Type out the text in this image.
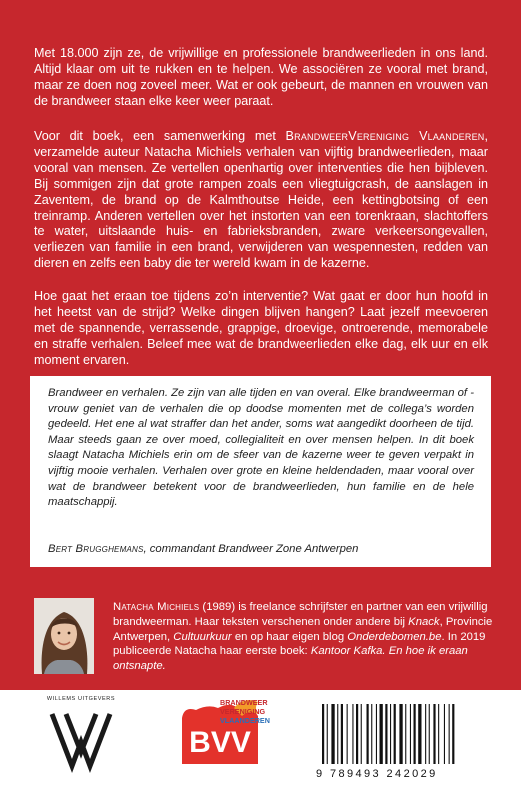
Met 18.000 zijn ze, de vrijwillige en professionele brandweerlieden in ons land. Altijd klaar om uit te rukken en te helpen. We associëren ze vooral met brand, maar ze doen nog zoveel meer. Wat er ook gebeurt, de mannen en vrouwen van de brandweer staan elke keer weer paraat.

Voor dit boek, een samenwerking met BrandweerVereniging Vlaanderen, verzamelde auteur Natacha Michiels verhalen van vijftig brandweerlieden, maar vooral van mensen. Ze vertellen openhartig over interventies die hen bijbleven. Bij sommigen zijn dat grote rampen zoals een vliegtuigcrash, de aanslagen in Zaventem, de brand op de Kalmthoutse Heide, een kettingbotsing of een treinramp. Anderen vertellen over het instorten van een torenkraan, slachtoffers te water, uitslaande huis- en fabrieksbranden, zware verkeersongevallen, verliezen van familie in een brand, verwijderen van wespennesten, redden van dieren en zelfs een baby die ter wereld kwam in de kazerne.

Hoe gaat het eraan toe tijdens zo’n interventie? Wat gaat er door hun hoofd in het heetst van de strijd? Welke dingen blijven hangen? Laat jezelf meevoeren met de spannende, verrassende, grappige, droevige, ontroerende, memorabele en straffe verhalen. Beleef mee wat de brandweerlieden elke dag, elk uur en elk moment ervaren.

Brandweer en verhalen. Ze zijn van alle tijden en van overal. Elke brandweerman of -vrouw geniet van de verhalen die op doodse momenten met de collega’s worden gedeeld. Het ene al wat straffer dan het ander, soms wat aangedikt doorheen de tijd. Maar steeds gaan ze over moed, collegialiteit en over mensen helpen. In dit boek slaagt Natacha Michiels erin om de sfeer van de kazerne weer te geven verpakt in vijftig mooie verhalen. Verhalen over grote en kleine heldendaden, maar vooral over wat de brandweer betekent voor de brandweerlieden, hun familie en de hele maatschappij.

Bert Brugghemans, commandant Brandweer Zone Antwerpen

Natacha Michiels (1989) is freelance schrijfster en partner van een vrijwillig brandweerman. Haar teksten verschenen onder andere bij Knack, Provincie Antwerpen, Cultuurkuur en op haar eigen blog Onderdebomen.be. In 2019 publiceerde Natacha haar eerste boek: Kantoor Kafka. En hoe ik eraan ontsnapte.

WILLEMS UITGEVERS
BVV

BRANDWEER
VERENIGING
VLAANDEREN

9 789493 242029
